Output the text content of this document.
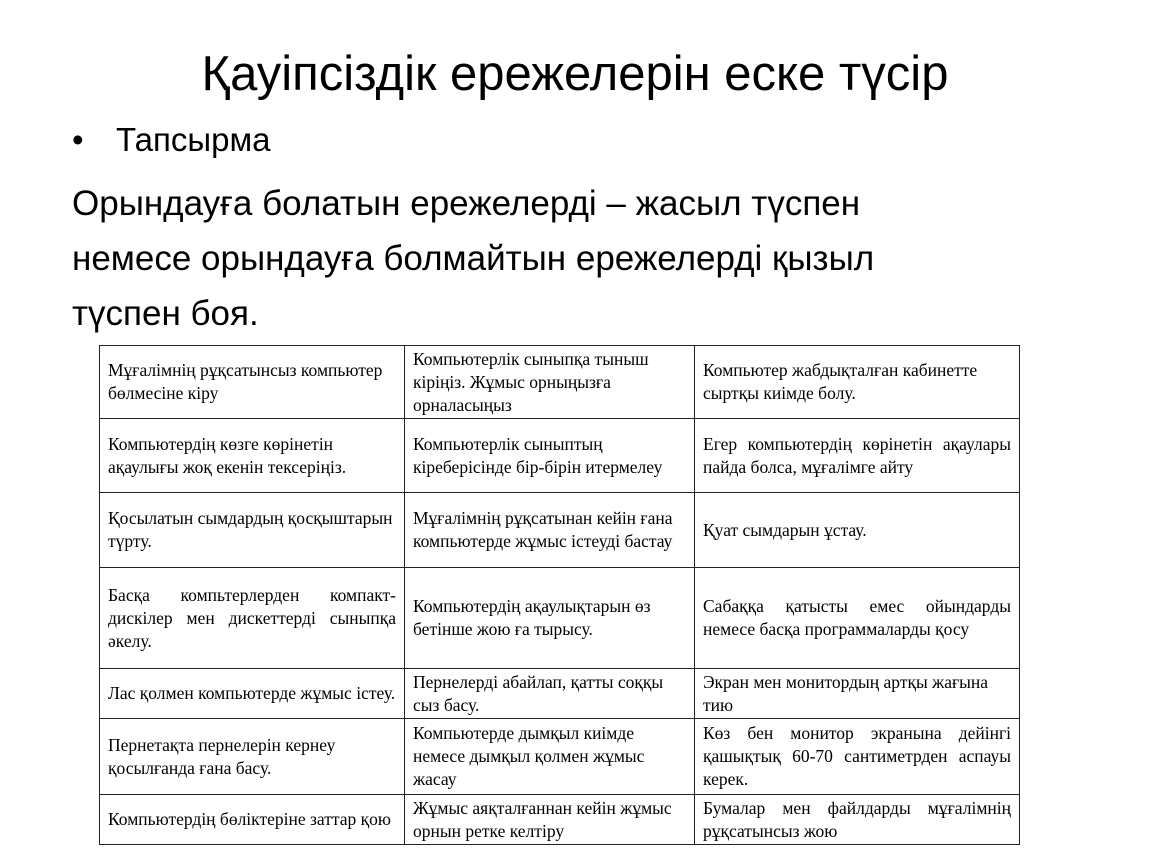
Қауіпсіздік ережелерін еске түсір
• Тапсырма
Орындауға болатын ережелерді – жасыл түспен
немесе орындауға болмайтын ережелерді қызыл
түспен боя.
Мұғалімнің рұқсатынсыз компьютер бөлмесіне кіру	Компьютерлік сыныпқа тыныш кіріңіз. Жұмыс орныңызға орналасыңыз	Компьютер жабдықталған кабинетте сыртқы киімде болу.
Компьютердің көзге көрінетін ақаулығы жоқ екенін тексеріңіз.	Компьютерлік сыныптың кіреберісінде бір-бірін итермелеу	Егер компьютердің көрінетін ақаулары пайда болса, мұғалімге айту
Қосылатын сымдардың қосқыштарын түрту.	Мұғалімнің рұқсатынан кейін ғана компьютерде жұмыс істеуді бастау	Қуат сымдарын ұстау.
Басқа компьтерлерден компакт-дискілер мен дискеттерді сыныпқа әкелу.	Компьютердің ақаулықтарын өз бетінше жою ға тырысу.	Сабаққа қатысты емес ойындарды немесе басқа программаларды қосу
Лас қолмен компьютерде жұмыс істеу.	Пернелерді абайлап, қатты соққы сыз басу.	Экран мен монитордың артқы жағына тию
Пернетақта пернелерін кернеу қосылғанда ғана басу.	Компьютерде дымқыл киімде немесе дымқыл қолмен жұмыс жасау	Көз бен монитор экранына дейінгі қашықтық 60-70 сантиметрден аспауы керек.
Компьютердің бөліктеріне заттар қою	Жұмыс аяқталғаннан кейін жұмыс орнын ретке келтіру	Бумалар мен файлдарды мұғалімнің рұқсатынсыз жою
